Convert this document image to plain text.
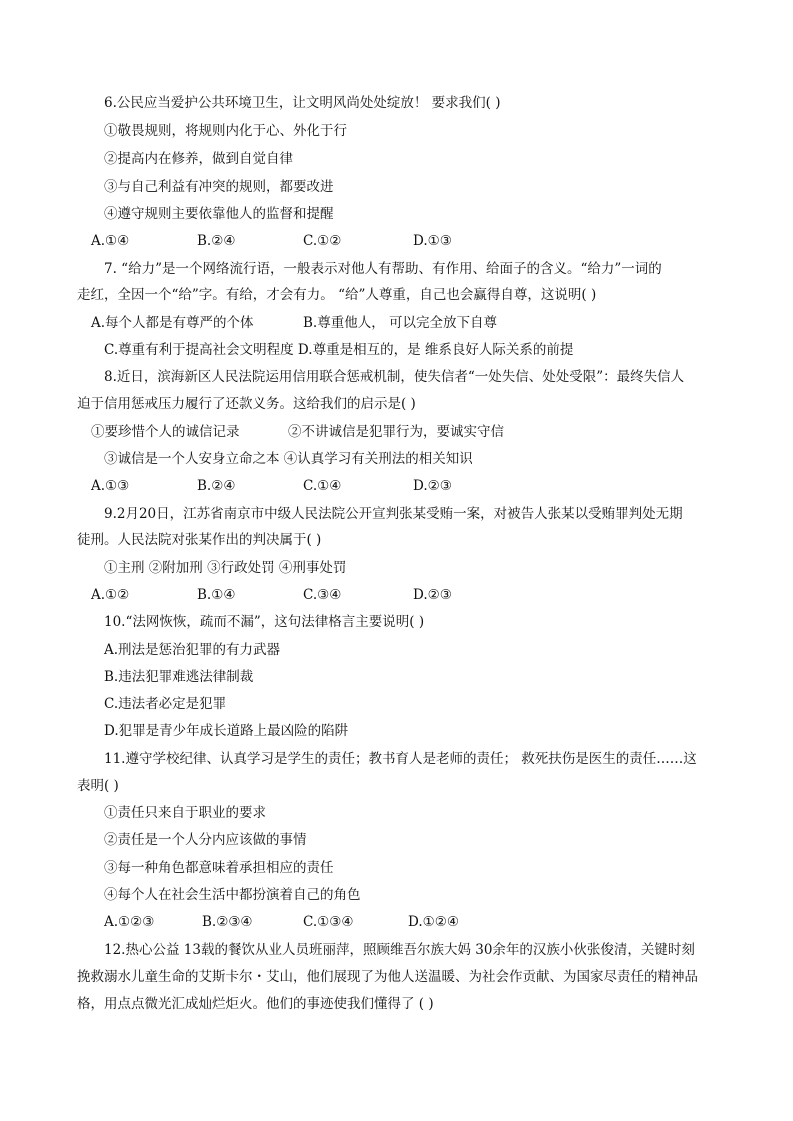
6.公民应当爱护公共环境卫生，让文明风尚处处绽放！ 要求我们( )
①敬畏规则，将规则内化于心、外化于行
②提高内在修养，做到自觉自律
③与自己利益有冲突的规则，都要改进
④遵守规则主要依靠他人的监督和提醒
A.①④	B.②④	C.①②	D.①③
7. “给力”是一个网络流行语，一般表示对他人有帮助、有作用、给面子的含义。“给力”一词的
走红，全因一个“给”字。有给，才会有力。 “给”人尊重，自己也会赢得自尊，这说明( )
A.每个人都是有尊严的个体	B.尊重他人， 可以完全放下自尊
C.尊重有利于提高社会文明程度 D.尊重是相互的，是 维系良好人际关系的前提
8.近日，滨海新区人民法院运用信用联合惩戒机制，使失信者“一处失信、处处受限”：最终失信人
迫于信用惩戒压力履行了还款义务。这给我们的启示是( )
①要珍惜个人的诚信记录	②不讲诚信是犯罪行为，要诚实守信
③诚信是一个人安身立命之本 ④认真学习有关刑法的相关知识
A.①③	B.②④	C.①④	D.②③
9.2月20日，江苏省南京市中级人民法院公开宣判张某受贿一案，对被告人张某以受贿罪判处无期
徒刑。人民法院对张某作出的判决属于( )
①主刑 ②附加刑 ③行政处罚 ④刑事处罚
A.①②	B.①④	C.③④	D.②③
10.“法网恢恢，疏而不漏”，这句法律格言主要说明( )
A.刑法是惩治犯罪的有力武器
B.违法犯罪难逃法律制裁
C.违法者必定是犯罪
D.犯罪是青少年成长道路上最凶险的陷阱
11.遵守学校纪律、认真学习是学生的责任；教书育人是老师的责任； 救死扶伤是医生的责任……这
表明( )
①责任只来自于职业的要求
②责任是一个人分内应该做的事情
③每一种角色都意味着承担相应的责任
④每个人在社会生活中都扮演着自己的角色
A.①②③	B.②③④	C.①③④	D.①②④
12.热心公益 13载的餐饮从业人员班丽萍，照顾维吾尔族大妈 30余年的汉族小伙张俊清，关键时刻
挽救溺水儿童生命的艾斯卡尔・艾山，他们展现了为他人送温暖、为社会作贡献、为国家尽责任的精神品
格，用点点微光汇成灿烂炬火。他们的事迹使我们懂得了 ( )
